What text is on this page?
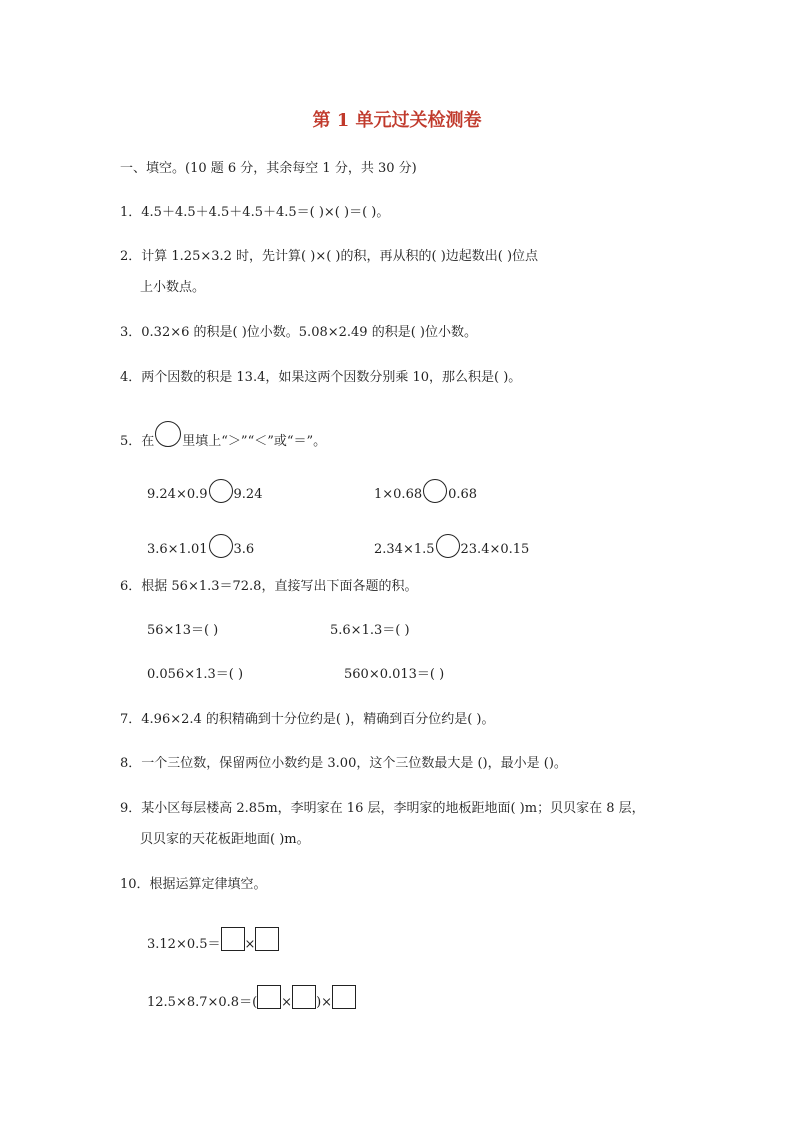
第 1 单元过关检测卷
一、填空。(10 题 6 分，其余每空 1 分，共 30 分)
1．4.5＋4.5＋4.5＋4.5＋4.5＝( )×( )＝( )。
2．计算 1.25×3.2 时，先计算( )×( )的积，再从积的( )边起数出( )位点
上小数点。
3．0.32×6 的积是( )位小数。5.08×2.49 的积是( )位小数。
4．两个因数的积是 13.4，如果这两个因数分别乘 10，那么积是( )。
5．在 里填上“＞”“＜”或“＝”。
9.24×0.9 9.24	1×0.68 0.68
3.6×1.01 3.6	2.34×1.5 23.4×0.15
6．根据 56×1.3＝72.8，直接写出下面各题的积。
56×13＝( )	5.6×1.3＝( )
0.056×1.3＝( )	560×0.013＝( )
7．4.96×2.4 的积精确到十分位约是( )，精确到百分位约是( )。
8．一个三位数，保留两位小数约是 3.00，这个三位数最大是 ()，最小是 ()。
9．某小区每层楼高 2.85m，李明家在 16 层，李明家的地板距地面( )m；贝贝家在 8 层，
贝贝家的天花板距地面( )m。
10．根据运算定律填空。
3.12×0.5＝ ×
12.5×8.7×0.8＝( × )×
